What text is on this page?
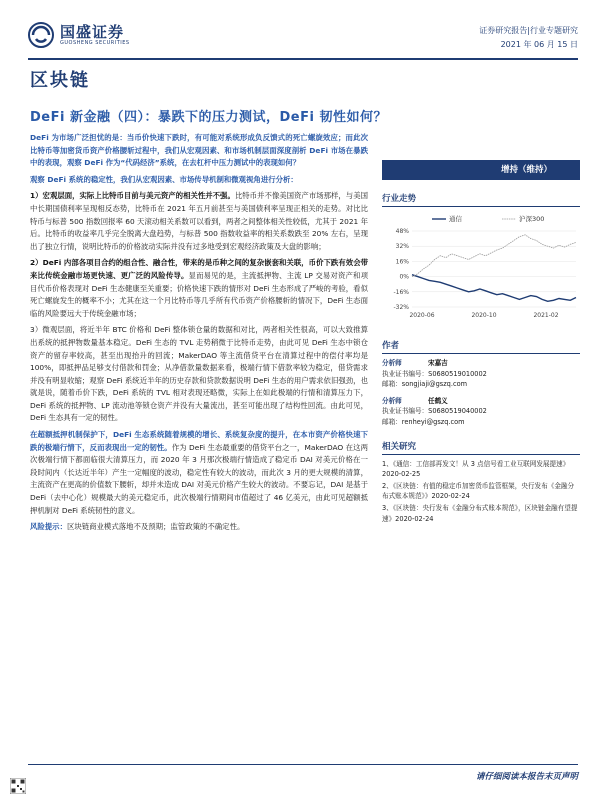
国盛证券
GUOSHENG SECURITIES
证券研究报告|行业专题研究
2021 年 06 月 15 日
区块链
DeFi 新金融（四）：暴跌下的压力测试，DeFi 韧性如何？

DeFi 为市场广泛担忧的是：当币价快速下跌时，有可能对系统形成负反馈式的死亡螺旋效应；而此次比特币等加密货币资产价格腰斩过程中，我们从宏观因素、和市场机制层面深度剖析 DeFi 市场在暴跌中的表现，观察 DeFi 作为“代码经济”系统，在去杠杆中压力测试中的表现如何？

观察 DeFi 系统的稳定性，我们从宏观因素、市场传导机制和微观视角进行分析：

1）宏观层面，实际上比特币目前与美元资产的相关性并不强。比特币并不像美国资产市场那样，与美国中长期国债利率呈现相反态势，比特币在 2021 年五月前甚至与美国债利率呈现正相关的走势。对比比特币与标普 500 指数回报率 60 天滚动相关系数可以看到，两者之间整体相关性较低，尤其于 2021 年后。比特币的收益率几乎完全脱离大盘趋势，与标普 500 指数收益率的相关系数跌至 20% 左右，呈现出了独立行情，说明比特币的价格波动实际并没有过多地受到宏观经济政策及大盘的影响；

2）DeFi 内部各项目合约的组合性、融合性，带来的是币种之间的复杂嵌套和关联，币价下跌有效会带来比传统金融市场更快速、更广泛的风险传导。显而易见的是，主流抵押物、主流 LP 交易对资产和项目代币价格表现对 DeFi 生态健康至关重要；价格快速下跌的情形对 DeFi 生态形成了严峻的考验，看似死亡螺旋发生的概率不小；尤其在这一个月比特币等几乎所有代币资产价格腰斩的情况下，DeFi 生态面临的风险要远大于传统金融市场；

3）微观层面，将近半年 BTC 价格和 DeFi 整体锁仓量的数据和对比，两者相关性很高，可以大致推算出系统的抵押物数量基本稳定。DeFi 生态的 TVL 走势稍微于比特币走势，由此可见 DeFi 生态中锁仓资产的留存率较高，甚至出现抬升的回流；MakerDAO 等主流借贷平台在清算过程中的偿付率均是 100%，即抵押品足够支付借款和罚金；从净借款量数据来看，极端行情下借款率较为稳定，借贷需求并没有明显收缩；观察 DeFi 系统近半年的历史存款和贷款数据说明 DeFi 生态的用户需求依旧强劲，也就是说，随着币价下跌，DeFi 系统的 TVL 相对表现还略微，实际上在如此极端的行情和清算压力下，DeFi 系统的抵押物、LP 流动池等锁仓资产并没有大量流出，甚至可能出现了结构性回流。由此可见，DeFi 生态具有一定的韧性。

在超额抵押机制保护下，DeFi 生态系统随着规模的增长、系统复杂度的提升，在本市资产价格快速下跌的极端行情下，反而表现出一定的韧性。作为 DeFi 生态最重要的借贷平台之一，MakerDAO 在这两次极端行情下都面临很大清算压力，而 2020 年 3 月那次极端行情造成了稳定币 DAI 对美元价格在一段时间内（长达近半年）产生一定幅度的波动，稳定性有较大的波动，而此次 3 月的更大规模的清算，主流资产在更高的价值数下腰斩，却并未造成 DAI 对美元价格产生较大的波动。不要忘记，DAI 是基于 DeFi（去中心化）规模最大的美元稳定币，此次极端行情期间市值超过了 46 亿美元，由此可见超额抵押机制对 DeFi 系统韧性的意义。

风险提示：区块链商业模式落地不及预期；监管政策的不确定性。

增持（维持）
行业走势
48%
32%
16%
0%
-16%
-32%
2020-06	2020-10	2021-02
通信	沪深300
作者
分析师	宋嘉吉
执业证书编号：S0680519010002
邮箱：songjiaji@gszq.com
分析师	任鹤义
执业证书编号：S0680519040002
邮箱：renheyi@gszq.com
相关研究

1、《通信：工信部再发文！从 3 点信号看工业互联网发展提速》2020-02-25

2、《区块链：有值的稳定币加密货币监管框架，央行发布《金融分布式账本规范》》2020-02-24

3、《区块链：央行发布《金融分布式账本规范》，区块链金融有望提速》2020-02-24

请仔细阅读本报告末页声明
